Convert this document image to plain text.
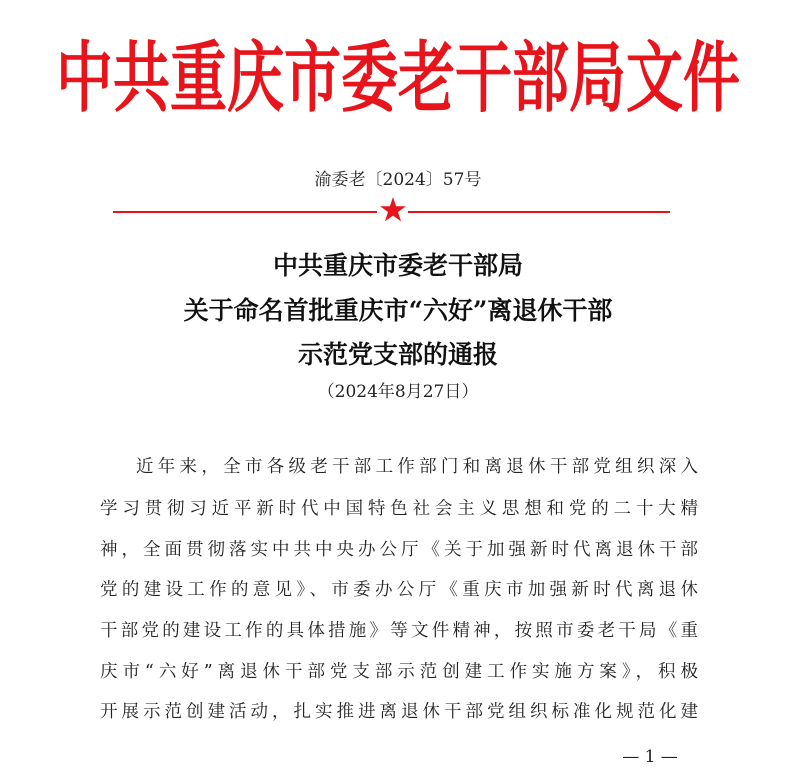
中共重庆市委老干部局文件
渝委老〔2024〕57号
中共重庆市委老干部局
关于命名首批重庆市“六好”离退休干部
示范党支部的通报
（2024年8月27日）
近年来，全市各级老干部工作部门和离退休干部党组织深入
学习贯彻习近平新时代中国特色社会主义思想和党的二十大精
神，全面贯彻落实中共中央办公厅《关于加强新时代离退休干部
党的建设工作的意见》、市委办公厅《重庆市加强新时代离退休
干部党的建设工作的具体措施》等文件精神，按照市委老干局《重
庆市“六好”离退休干部党支部示范创建工作实施方案》，积极
开展示范创建活动，扎实推进离退休干部党组织标准化规范化建
— 1 —
